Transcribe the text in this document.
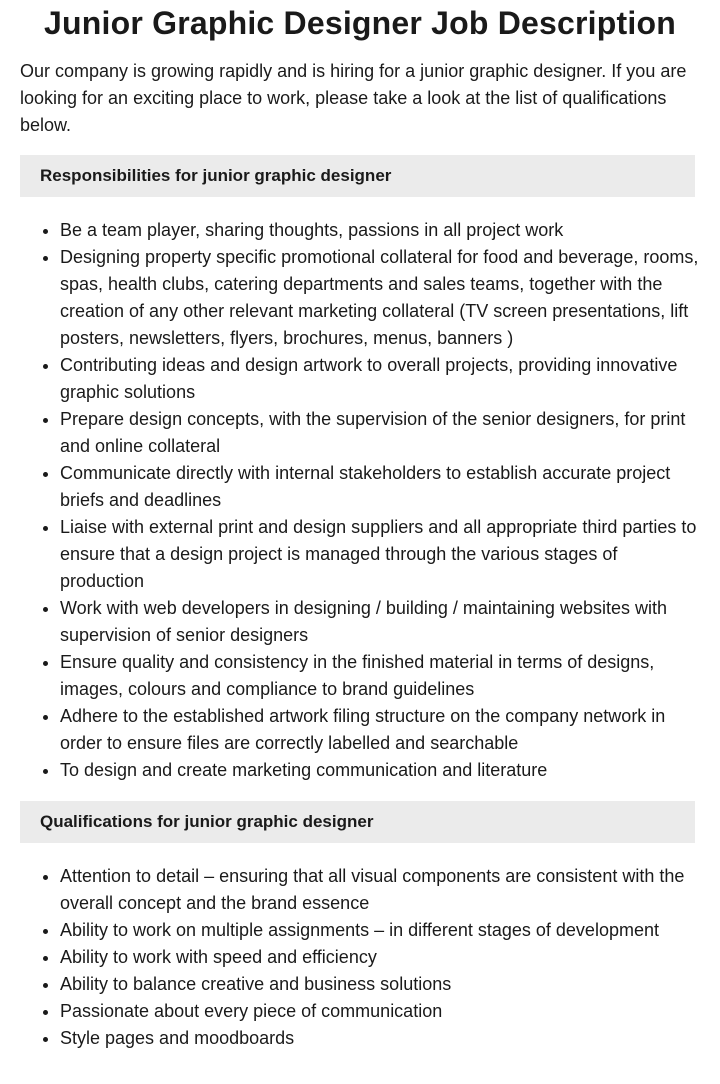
Junior Graphic Designer Job Description

Our company is growing rapidly and is hiring for a junior graphic designer. If you are looking for an exciting place to work, please take a look at the list of qualifications below.

Responsibilities for junior graphic designer
• Be a team player, sharing thoughts, passions in all project work
• Designing property specific promotional collateral for food and beverage, rooms, spas, health clubs, catering departments and sales teams, together with the creation of any other relevant marketing collateral (TV screen presentations, lift posters, newsletters, flyers, brochures, menus, banners )
• Contributing ideas and design artwork to overall projects, providing innovative graphic solutions
• Prepare design concepts, with the supervision of the senior designers, for print and online collateral
• Communicate directly with internal stakeholders to establish accurate project briefs and deadlines
• Liaise with external print and design suppliers and all appropriate third parties to ensure that a design project is managed through the various stages of production
• Work with web developers in designing / building / maintaining websites with supervision of senior designers
• Ensure quality and consistency in the finished material in terms of designs, images, colours and compliance to brand guidelines
• Adhere to the established artwork filing structure on the company network in order to ensure files are correctly labelled and searchable
• To design and create marketing communication and literature
Qualifications for junior graphic designer
• Attention to detail – ensuring that all visual components are consistent with the overall concept and the brand essence
• Ability to work on multiple assignments – in different stages of development
• Ability to work with speed and efficiency
• Ability to balance creative and business solutions
• Passionate about every piece of communication
• Style pages and moodboards
